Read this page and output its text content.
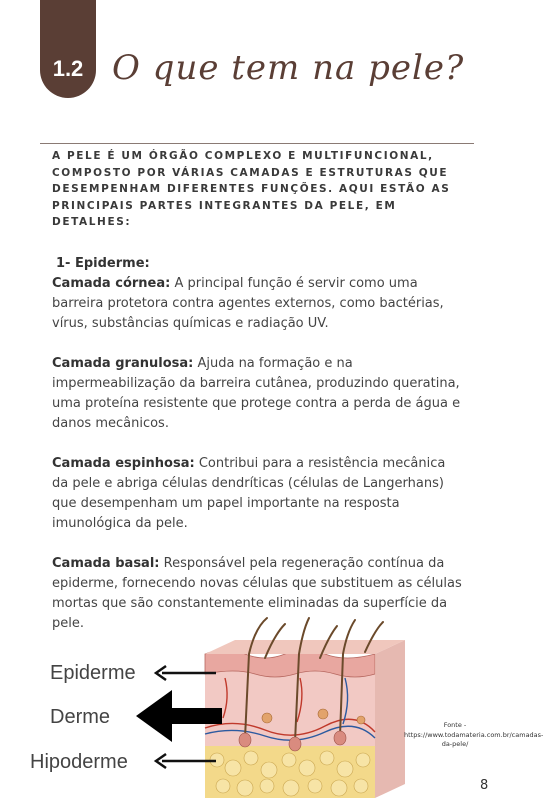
1.2 O que tem na pele?
A PELE É UM ÓRGÃO COMPLEXO E MULTIFUNCIONAL, COMPOSTO POR VÁRIAS CAMADAS E ESTRUTURAS QUE DESEMPENHAM DIFERENTES FUNÇÕES. AQUI ESTÃO AS PRINCIPAIS PARTES INTEGRANTES DA PELE, EM DETALHES:
1- Epiderme:
Camada córnea: A principal função é servir como uma barreira protetora contra agentes externos, como bactérias, vírus, substâncias químicas e radiação UV.
Camada granulosa: Ajuda na formação e na impermeabilização da barreira cutânea, produzindo queratina, uma proteína resistente que protege contra a perda de água e danos mecânicos.
Camada espinhosa: Contribui para a resistência mecânica da pele e abriga células dendríticas (células de Langerhans) que desempenham um papel importante na resposta imunológica da pele.
Camada basal: Responsável pela regeneração contínua da epiderme, fornecendo novas células que substituem as células mortas que são constantemente eliminadas da superfície da pele.
Epiderme
Derme
Hipoderme
Fonte - https://www.todamateria.com.br/camadas-da-pele/
8
